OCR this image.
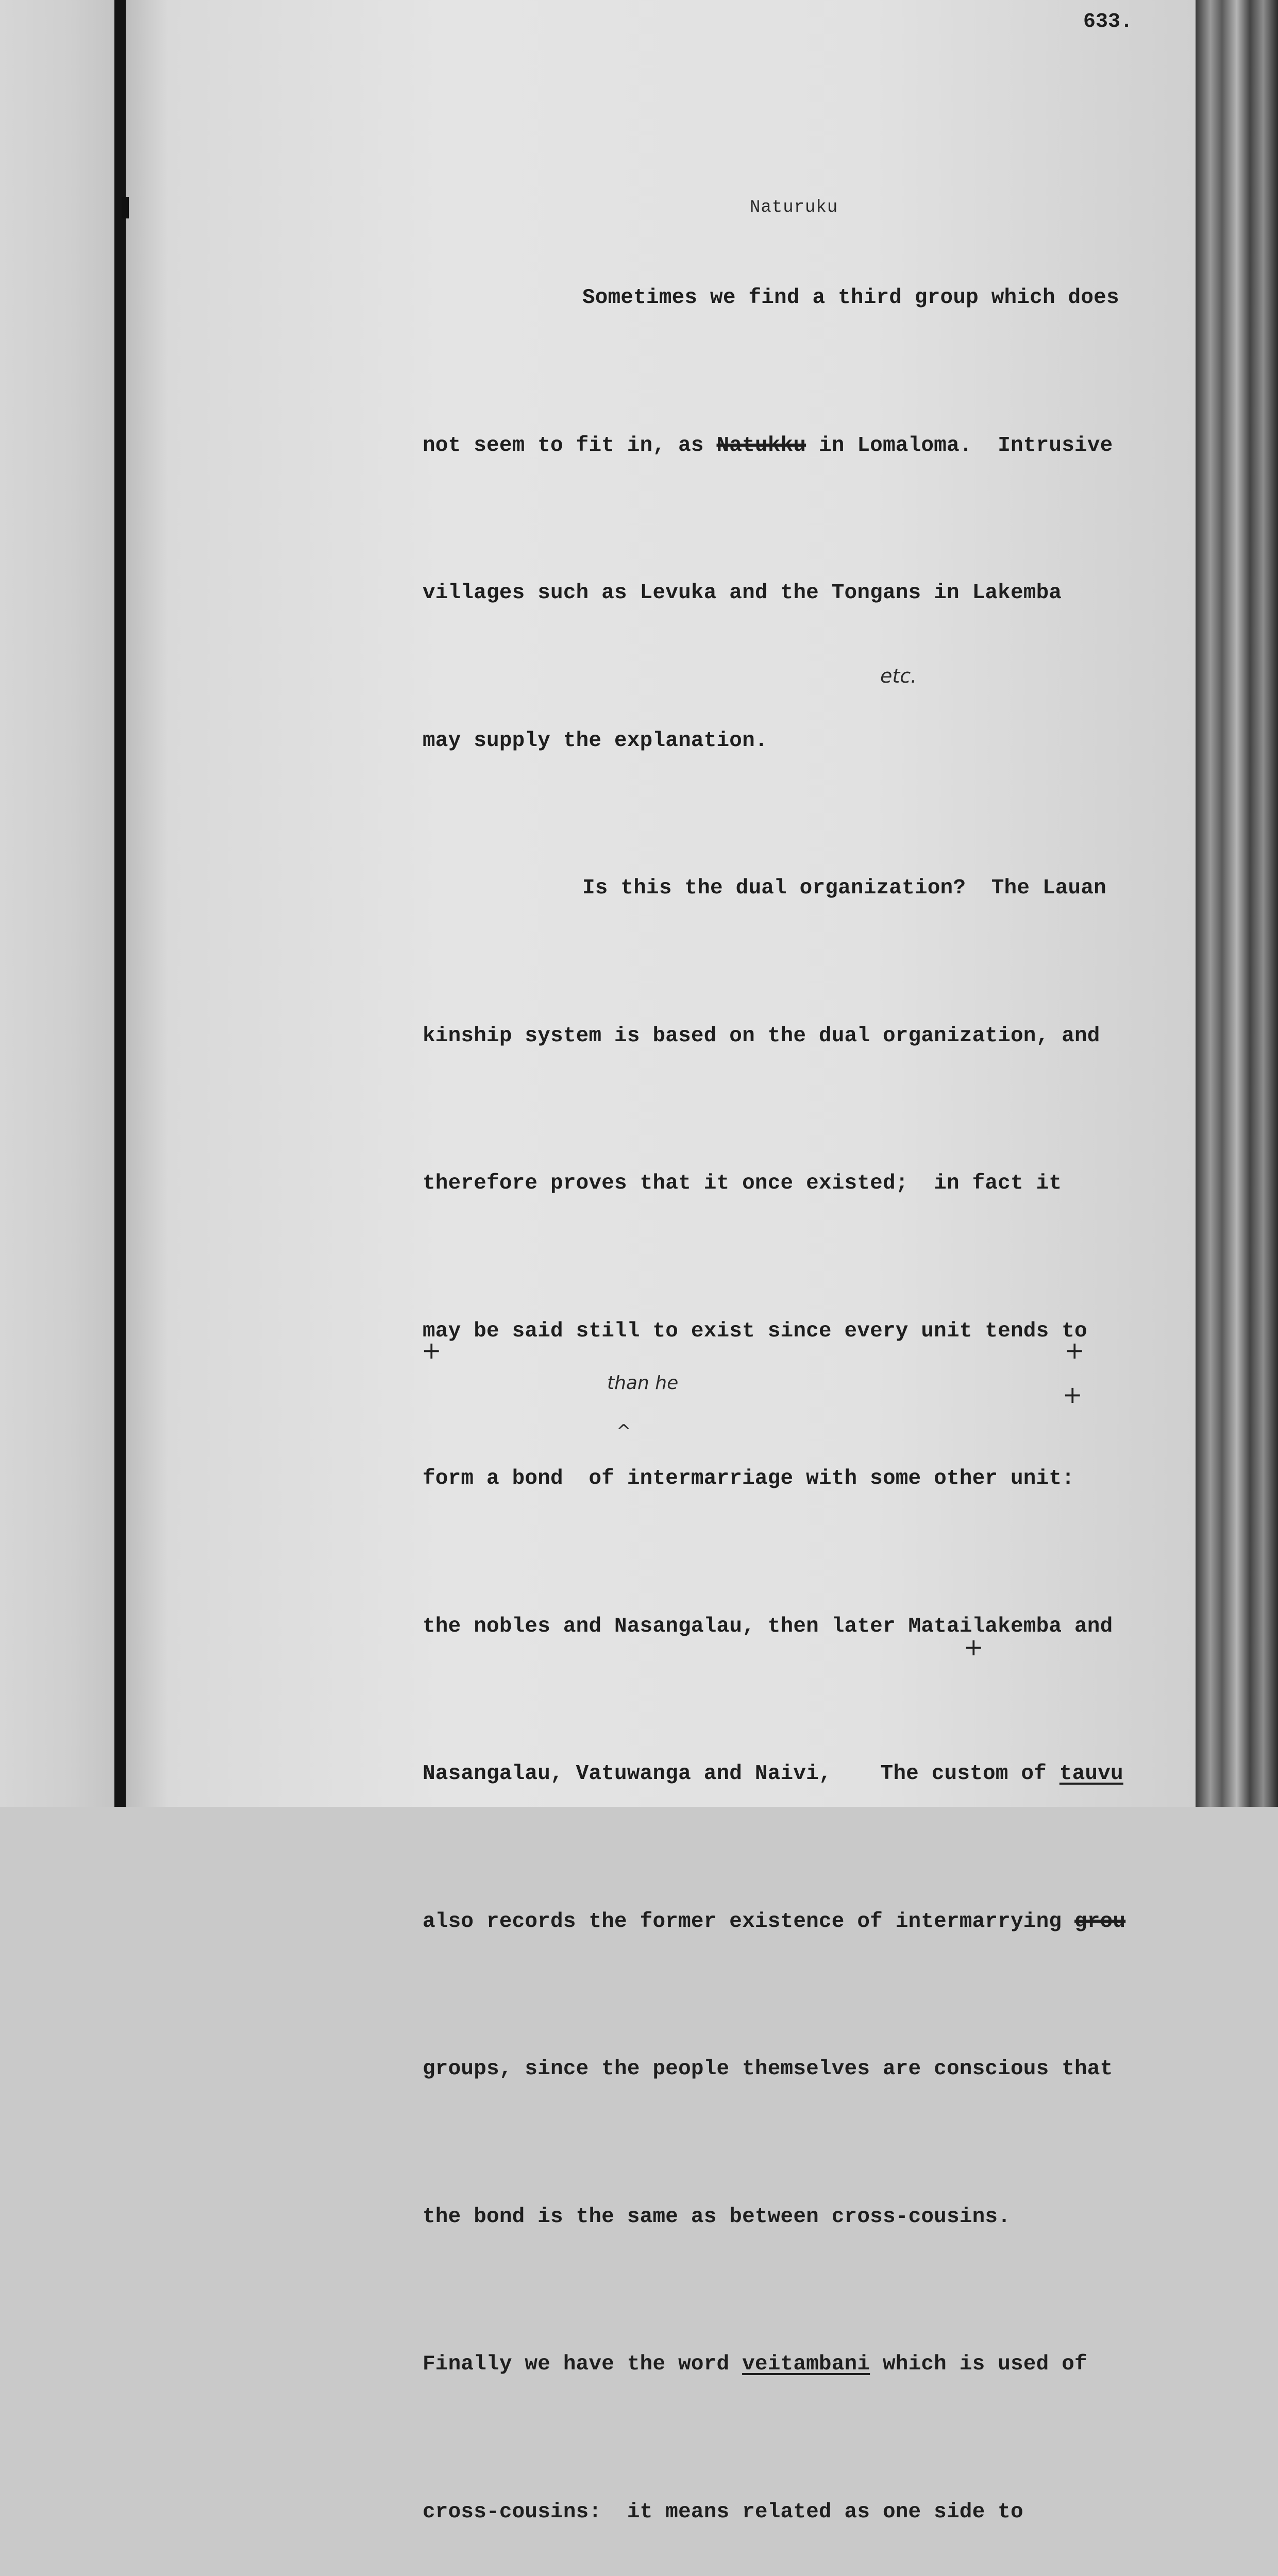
633.
Naturuku
etc.
than he
^
+
+
+
+

Sometimes we find a third group which does

not seem to fit in, as Natukku in Lomaloma.  Intrusive

villages such as Levuka and the Tongans in Lakemba

may supply the explanation.

Is this the dual organization?  The Lauan

kinship system is based on the dual organization, and

therefore proves that it once existed;  in fact it

may be said still to exist since every unit tends to

form a bond  of intermarriage with some other unit:

the nobles and Nasangalau, then later Matailakemba and

Nasangalau, Vatuwanga and Naivi, The custom of tauvu

also records the former existence of intermarrying grou

groups, since the people themselves are conscious that

the bond is the same as between cross-cousins.

Finally we have the word veitambani which is used of

cross-cousins:  it means related as one side to
